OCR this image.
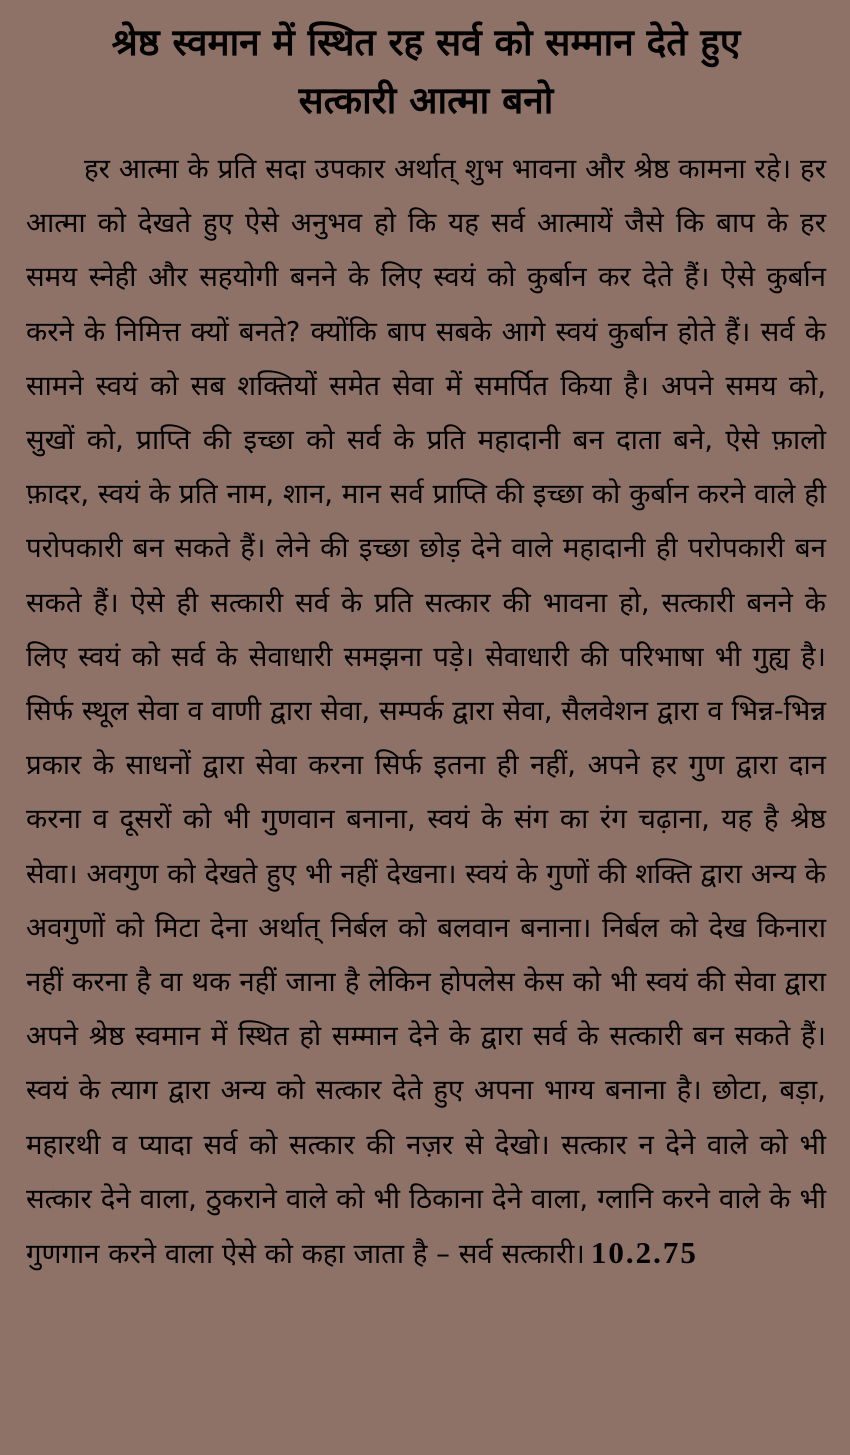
श्रेष्ठ स्वमान में स्थित रह सर्व को सम्मान देते हुए
सत्कारी आत्मा बनो

हर आत्मा के प्रति सदा उपकार अर्थात् शुभ भावना और श्रेष्ठ कामना रहे। हर आत्मा को देखते हुए ऐसे अनुभव हो कि यह सर्व आत्मायें जैसे कि बाप के हर समय स्नेही और सहयोगी बनने के लिए स्वयं को कुर्बान कर देते हैं। ऐसे कुर्बान करने के निमित्त क्यों बनते? क्योंकि बाप सबके आगे स्वयं कुर्बान होते हैं। सर्व के सामने स्वयं को सब शक्तियों समेत सेवा में समर्पित किया है। अपने समय को, सुखों को, प्राप्ति की इच्छा को सर्व के प्रति महादानी बन दाता बने, ऐसे फ़ालो फ़ादर, स्वयं के प्रति नाम, शान, मान सर्व प्राप्ति की इच्छा को कुर्बान करने वाले ही परोपकारी बन सकते हैं। लेने की इच्छा छोड़ देने वाले महादानी ही परोपकारी बन सकते हैं। ऐसे ही सत्कारी सर्व के प्रति सत्कार की भावना हो, सत्कारी बनने के लिए स्वयं को सर्व के सेवाधारी समझना पड़े। सेवाधारी की परिभाषा भी गुह्य है। सिर्फ स्थूल सेवा व वाणी द्वारा सेवा, सम्पर्क द्वारा सेवा, सैलवेशन द्वारा व भिन्न-भिन्न प्रकार के साधनों द्वारा सेवा करना सिर्फ इतना ही नहीं, अपने हर गुण द्वारा दान करना व दूसरों को भी गुणवान बनाना, स्वयं के संग का रंग चढ़ाना, यह है श्रेष्ठ सेवा। अवगुण को देखते हुए भी नहीं देखना। स्वयं के गुणों की शक्ति द्वारा अन्य के अवगुणों को मिटा देना अर्थात् निर्बल को बलवान बनाना। निर्बल को देख किनारा नहीं करना है वा थक नहीं जाना है लेकिन होपलेस केस को भी स्वयं की सेवा द्वारा अपने श्रेष्ठ स्वमान में स्थित हो सम्मान देने के द्वारा सर्व के सत्कारी बन सकते हैं। स्वयं के त्याग द्वारा अन्य को सत्कार देते हुए अपना भाग्य बनाना है। छोटा, बड़ा, महारथी व प्यादा सर्व को सत्कार की नज़र से देखो। सत्कार न देने वाले को भी सत्कार देने वाला, ठुकराने वाले को भी ठिकाना देने वाला, ग्लानि करने वाले के भी गुणगान करने वाला ऐसे को कहा जाता है – सर्व सत्कारी। 10.2.75
